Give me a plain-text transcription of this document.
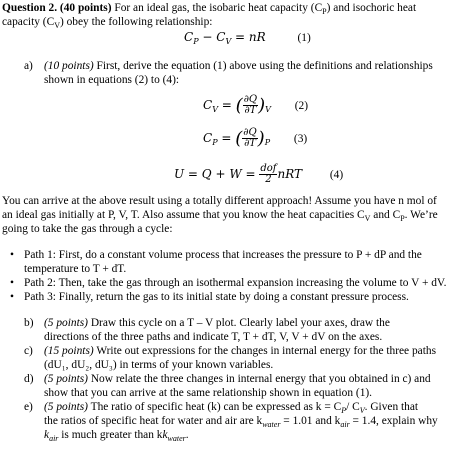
Question 2. (40 points) For an ideal gas, the isobaric heat capacity $(C_P)$ and isochoric heat
capacity $(C_V)$ obey the following relationship:
$C_P - C_V$ = nR	(1)
a) (10 points) First, derive the equation (1) above using the definitions and relationships
shown in equations (2) to (4):
$C_V$ = ( $\frac{\partial Q}{\partial T} )_V$ (2)
$C_P$ = ( $\frac{\partial Q}{\partial T} )_P$ (3)
$U = Q + W = \frac{\text{dof}}{2}$ nRT (4)
You can arrive at the above result using a totally different approach! Assume you have n mol of
an ideal gas initially at P, V, T. Also assume that you know the heat capacities $C_V$ and $C_P$. We’re
going to take the gas through a cycle:
• Path 1: First, do a constant volume process that increases the pressure to P + dP and the
temperature to T + dT.
• Path 2: Then, take the gas through an isothermal expansion increasing the volume to V + dV.
• Path 3: Finally, return the gas to its initial state by doing a constant pressure process.
b) (5 points) Draw this cycle on a T – V plot. Clearly label your axes, draw the
directions of the three paths and indicate T, T + dT, V, V + dV on the axes.
c) (15 points) Write out expressions for the changes in internal energy for the three paths
(dU₁, dU₂, dU₃) in terms of your known variables.
d) (5 points) Now relate the three changes in internal energy that you obtained in c) and
show that you can arrive at the same relationship shown in equation (1).
e) (5 points) The ratio of specific heat (k) can be expressed as $k = C_P/$ $C_V$. Given that
the ratios of specific heat for water and air are $k_{water} = 1.01$ and $k_{air} = 1.4$, explain why
$k_{air}$ is much greater than $kk_{water}$.
